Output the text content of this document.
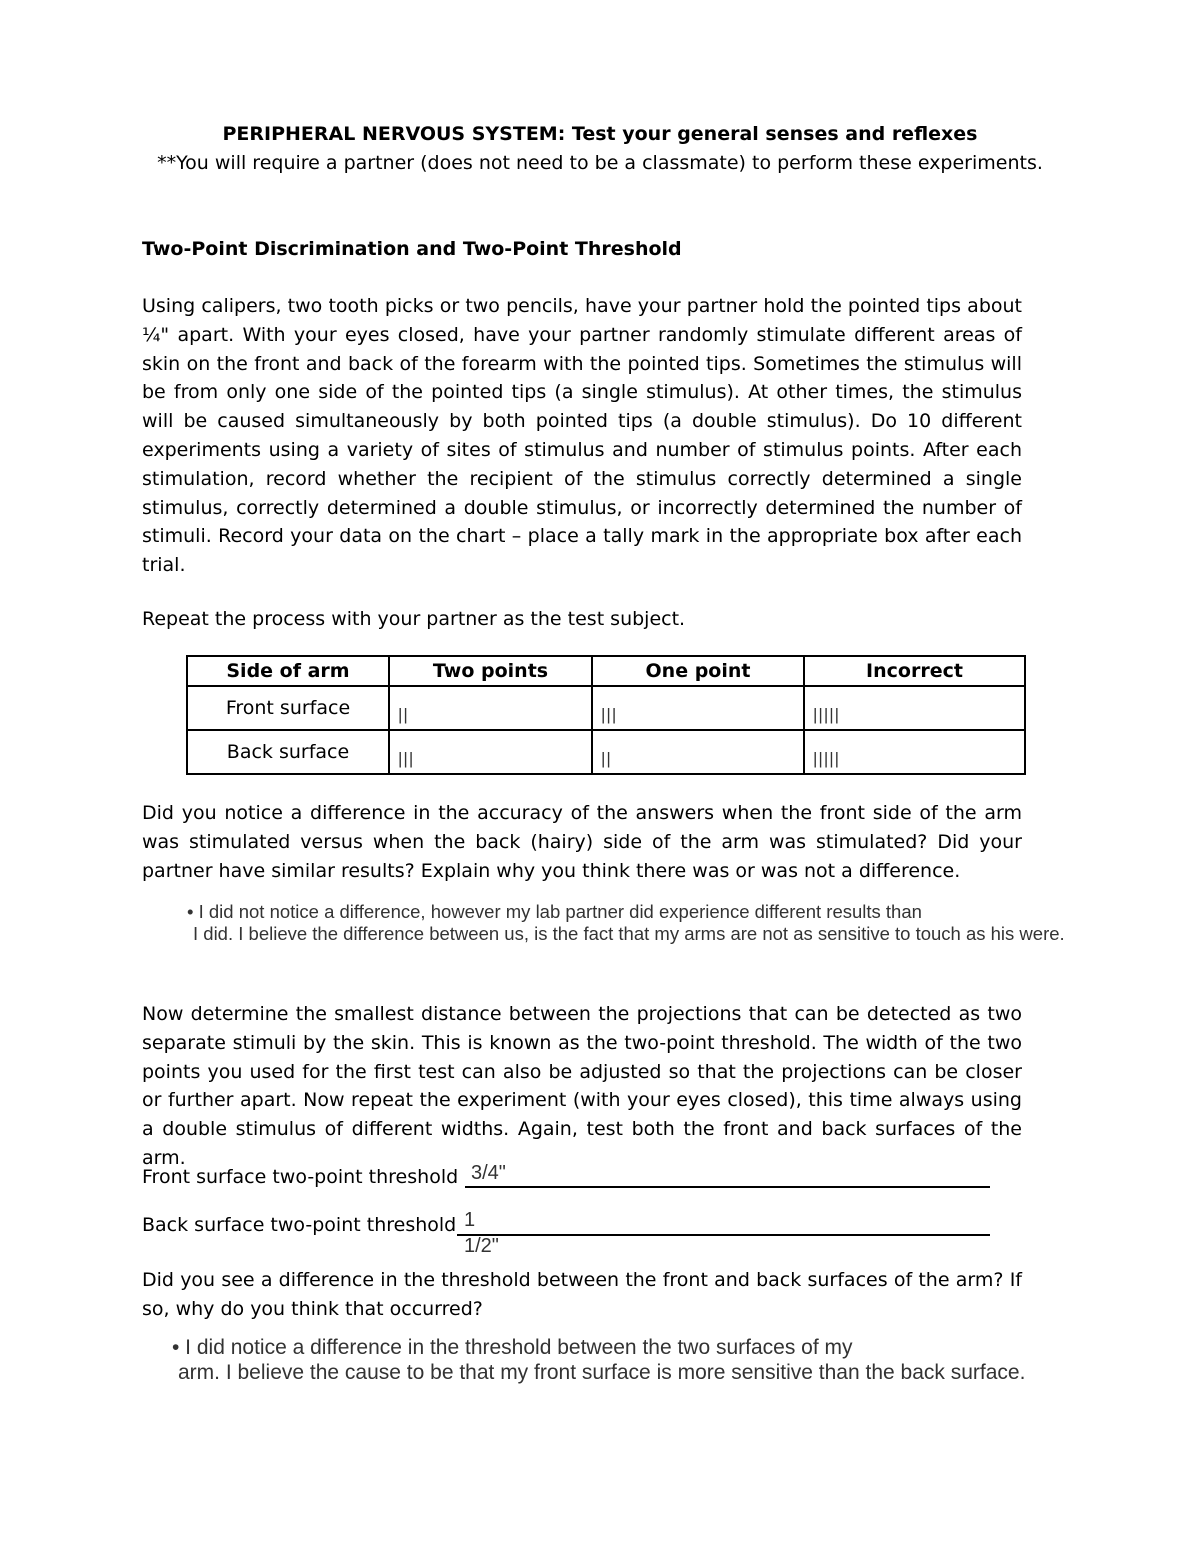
PERIPHERAL NERVOUS SYSTEM: Test your general senses and reflexes
**You will require a partner (does not need to be a classmate) to perform these experiments.
Two-Point Discrimination and Two-Point Threshold
Using calipers, two tooth picks or two pencils, have your partner hold the pointed tips about ¼" apart. With your eyes closed, have your partner randomly stimulate different areas of skin on the front and back of the forearm with the pointed tips. Sometimes the stimulus will be from only one side of the pointed tips (a single stimulus). At other times, the stimulus will be caused simultaneously by both pointed tips (a double stimulus). Do 10 different experiments using a variety of sites of stimulus and number of stimulus points. After each stimulation, record whether the recipient of the stimulus correctly determined a single stimulus, correctly determined a double stimulus, or incorrectly determined the number of stimuli. Record your data on the chart – place a tally mark in the appropriate box after each trial.
Repeat the process with your partner as the test subject.
Side of arm	Two points	One point	Incorrect
Front surface	||	|||	|||||
Back surface	|||	||	|||||
Did you notice a difference in the accuracy of the answers when the front side of the arm was stimulated versus when the back (hairy) side of the arm was stimulated? Did your partner have similar results? Explain why you think there was or was not a difference.
• I did not notice a difference, however my lab partner did experience different results than
I did. I believe the difference between us, is the fact that my arms are not as sensitive to touch as his were.
Now determine the smallest distance between the projections that can be detected as two separate stimuli by the skin. This is known as the two-point threshold. The width of the two points you used for the first test can also be adjusted so that the projections can be closer or further apart. Now repeat the experiment (with your eyes closed), this time always using a double stimulus of different widths. Again, test both the front and back surfaces of the arm.
Front surface two-point threshold 3/4"
Back surface two-point threshold 1 1/2"
Did you see a difference in the threshold between the front and back surfaces of the arm? If so, why do you think that occurred?
• I did notice a difference in the threshold between the two surfaces of my
arm. I believe the cause to be that my front surface is more sensitive than the back surface.
